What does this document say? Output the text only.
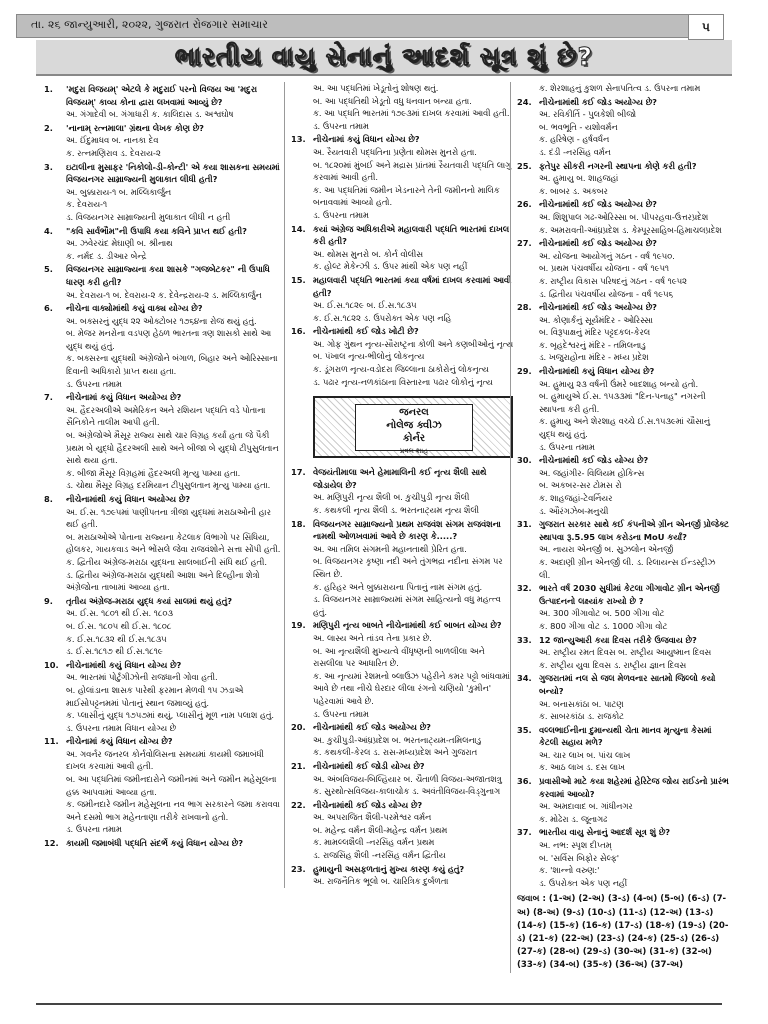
તા. ૨૬ જાન્યુઆરી, ૨૦૨૨, ગુજરાત રોજગાર સમાચાર	૫
ભારતીય વાયુ સેનાનું આદર્શ સૂત્ર શું છે?
1.	'મદુરા વિજયમ્' એટલે કે મદુરાઈ પરનો વિજય આ 'મદુરા વિજયમ્' કાવ્ય કોના દ્વારા લખવામાં આવ્યું છે?
અ. ગંગાદેવી બ. ગંગાધારી ક. કાલિદાસ ડ. અશ્વઘોષ
2.	'નાનામ્ રત્નમાલા' ગ્રંથના લેખક કોણ છે?
અ. ઈંદુમાધવ બ. નાનકા દેવ
ક. રત્નમણિરાવ ડ. દેવરાય-૨
3.	ઇટાલીના મુસાફર 'નિકોલો-ડી-કોન્ટી' એ કયા શાસકના સમયમાં વિજયનગર સામ્રાજ્યની મુલાકાત લીધી હતી?
અ. બુક્કારાય-૧ બ. મલ્લિકાર્જુન
ક. દેવરાય-૧
ડ. વિજયનગર સામ્રાજ્યની મુલાકાત લીધી ન હતી
4.	"કવિ સાર્વભૌમ"ની ઉપાધિ કયા કવિને પ્રાપ્ત થઈ હતી?
અ. ઝવેરચંદ મેઘાણી બ. શ્રીનાથ
ક. નર્મદ ડ. ડીઆર બેન્દ્રે
5.	વિજયનગર સામ્રાજ્યના કયા શાસકે "ગજબેટકર" ની ઉપાધિ ધારણ કરી હતી?
અ. દેવરાય-૧ બ. દેવરાય-૨ ક. દેવેન્દ્રરાય-૨ ડ. મલ્લિકાર્જુન
6.	નીચેના વાક્યોમાંથી કયું વાક્ય યોગ્ય છે?
અ. બક્સરનું યુદ્ધ ૨૨ ઓક્ટોબર ૧૭૬૪ના રોજ થયું હતું.
બ. મેજર મનરોના વડપણ હેઠળ ભારતના ત્રણ શાસકો સાથે આ યુદ્ધ થયું હતું.
ક. બક્સરના યુદ્ધથી અંગ્રેજોને બંગાળ, બિહાર અને ઓરિસ્સાના દિવાની અધિકારો પ્રાપ્ત થયા હતા.
ડ. ઉપરના તમામ
7.	નીચેનામાં કયું વિધાન અયોગ્ય છે?
અ. હૈદરઅલીએ અમેરિકન અને રશિયન પદ્ધતિ વડે પોતાના સૈનિકોને તાલીમ આપી હતી.
બ. અંગ્રેજોએ મૈસૂર રાજ્ય સાથે ચાર વિગ્રહ કર્યા હતા જે પૈકી પ્રથમ બે યુદ્ધો હૈદરઅલી સાથે અને બીજા બે યુદ્ધો ટીપુસુલતાન સાથે થયા હતા.
ક. બીજા મૈસૂર વિગ્રહમાં હૈદરઅલી મૃત્યુ પામ્યા હતા.
ડ. ચોથા મૈસૂર વિગ્રહ દરમિયાન ટીપુસુલતાન મૃત્યુ પામ્યા હતા.
8.	નીચેનામાંથી કયું વિધાન અયોગ્ય છે?
અ. ઈ.સ. ૧૭૯૫માં પાણીપતના ત્રીજા યુદ્ધમાં મરાઠાઓની હાર થઈ હતી.
બ. મરાઠાઓએ પોતાના રાજ્યના કેટલાક વિભાગો પર સિંધિયા, હોલકર, ગાયકવાડ અને ભોંસલે જેવા રાજવંશોને સત્તા સોંપી હતી.
ક. દ્વિતીય અંગ્રેજ-મરાઠા યુદ્ધના સાલબાઈની સંધિ થઈ હતી.
ડ. દ્વિતીય અંગ્રેજ-મરાઠા યુદ્ધથી આશા અને દિલ્હીના શેત્રો અંગ્રેજોના તાબામાં આવ્યા હતા.
9.	તૃતીય અંગ્રેજ-મરાઠા યુદ્ધ કયાં સાલમાં થયું હતું?
અ. ઈ.સ. ૧૮૦૧ થી ઈ.સ. ૧૮૦૩
બ. ઈ.સ. ૧૮૦૫ થી ઈ.સ. ૧૮૦૮
ક. ઈ.સ.૧૮૩૨ થી ઈ.સ.૧૮૩૫
ડ. ઈ.સ.૧૮૧૭ થી ઈ.સ.૧૮૧૯
10. નીચેનામાંથી કયું વિધાન યોગ્ય છે?
અ. ભારતમાં પોર્ટુગીઝોની રાજધાની ગોવા હતી.
બ. હોલાંડાના શાસક પારેથી ફરમાન મેળવી ૧૫ ઝડાએ માઈસોપટ્ટનમમાં પોતાનું સ્થાન જમાવ્યું હતું.
ક. પ્લાસીનું યુદ્ધ ૧૭૫૭માં થયું, પ્લાસીનું મૂળ નામ પલાશ હતું.
ડ. ઉપરના તમામ વિધાન યોગ્ય છે
11. નીચેનામાં કયું વિધાન યોગ્ય છે?
અ. ગવર્નર જનરલ કોર્નવોલિસના સમયમાં કાયમી જમાબંધી દાખલ કરવામાં આવી હતી.
બ. આ પદ્ધતિમાં જમીનદારોને જમીનમાં અને જમીન મહેસૂલના હક્ક આપવામાં આવ્યા હતા.
ક. જમીનદારે જમીન મહેસૂલના નવ ભાગ સરકારને જમા કરાવવા અને દસમો ભાગ મહેનતાણા તરીકે રાખવાનો હતો.
ડ. ઉપરના તમામ
12. કાયમી જમાબંધી પદ્ધતિ સંદર્ભે કયું વિધાન યોગ્ય છે?
અ. આ પદ્ધતિમાં ખેડૂતોનું શોષણ થતું.
બ. આ પદ્ધતિથી ખેડૂતો વધુ ધનવાન બન્યા હતા.
ક. આ પદ્ધતિ ભારતમાં ૧૭૯૩માં દાખલ કરવામાં આવી હતી.
ડ. ઉપરના તમામ
13. નીચેનામાં કયું વિધાન યોગ્ય છે?
અ. રૈયતવારી પદ્ધતિના પ્રણેતા થોમસ મુનરો હતા.
બ. ૧૮૨૦માં મુંબઈ અને મદ્રાસ પ્રાંતમાં રૈયતવારી પદ્ધતિ લાગુ કરવામાં આવી હતી.
ક. આ પદ્ધતિમાં જમીન ખેડનારને તેની જમીનનો માલિક બનાવવામાં આવ્યો હતો.
ડ. ઉપરના તમામ
14. કયાં અંગ્રેજ અધિકારીએ મહાલવારી પદ્ધતિ ભારતમાં દાખલ કરી હતી?
અ. થોમસ મુનરો બ. કોર્ન વોલીસ
ક. હોલ્ટ મેકેન્ઝી ડ. ઉપર માંથી એક પણ નહીં
15. મહાલવારી પદ્ધતિ ભારતમાં કયા વર્ષમાં દાખલ કરવામાં આવી હતી?
અ. ઈ.સ.૧૮૨૯ બ. ઈ.સ.૧૮૩૫
ક. ઈ.સ.૧૮૨૨ ડ. ઉપરોક્ત એક પણ નહિ
16. નીચેનામાંથી કઈ જોડ ખોટી છે?
અ. ગોફ ગુંથન નૃત્ય-સૌરાષ્ટ્રના કોળી અને કણબીઓનું નૃત્ય
બ. પંખાલ નૃત્ય-ભીલોનું લોકનૃત્ય
ક. ડૂંગરાળ નૃત્ય-વડોદરા જિલ્લાના ઠાકોરોનું લોકનૃત્ય
ડ. પઢાર નૃત્ય-નળકાંઠાના વિસ્તારના પઢાર લોકોનું નૃત્ય
જનરલ
નોલેજ ક્વીઝ
કોર્નર
પ્રવલ શાહ
17. વેજયંતીમાલા અને હેમામાલિની કઈ નૃત્ય શૈલી સાથે જોડાયેલ છે?
અ. મણિપુરી નૃત્ય શૈલી બ. કુચીપુડી નૃત્ય શૈલી
ક. કથકલી નૃત્ય શૈલી ડ. ભરતનાટ્યમ નૃત્ય શૈલી
18. વિજયનગર સામ્રાજ્યનો પ્રથમ રાજવંશ સંગમ રાજવંશના નામથી ઓળખવામાં આવે છે કારણ કે.....?
અ. આ તમિલ સંગમની મહાનતાથી પ્રેરિત હતા.
બ. વિજયનગર કૃષ્ણા નદી અને તુંગભદ્રા નદીના સંગમ પર સ્થિત છે.
ક. હરિહર અને બુક્કારાયના પિતાનું નામ સંગમ હતું.
ડ. વિજયનગર સામ્રાજ્યમાં સંગમ સાહિત્યનો વધુ મહત્ત્વ હતું.
19. મણિપુરી નૃત્ય બાબતે નીચેનામાંથી કઈ બાબત યોગ્ય છે?
અ. લાસ્ય અને તાંડવ તેના પ્રકાર છે.
બ. આ નૃત્યશૈલી મુખ્યત્વે વીંધૃષ્ણની બાળલીલા અને રાસલીલા પર આધારિત છે.
ક. આ નૃત્યમાં રેશમનો બ્લાઉઝ પહેરીને કમર પટ્ટો બાંધવામાં આવે છે તથા નીચે ઘેરદાર લીલા રંગનો ચણિયો 'કુમીન' પહેરવામાં આવે છે.
ડ. ઉપરના તમામ
20. નીચેનામાંથી કઈ જોડ અયોગ્ય છે?
અ. કુચીપુડી-આંધ્રપ્રદેશ બ. ભરતનાટ્યમ-તમિલનાડુ
ક. કથકલી-કેરલ ડ. રાસ-મધ્યપ્રદેશ અને ગુજરાત
21. નીચેનામાંથી કઈ જોડી યોગ્ય છે?
અ. અંબવિજય-બિલ્હિયાર બ. ચૈતાળી વિજય-અજાતશત્રુ
ક. સુરથોત્સવિજય-કાલાચોક ડ. અવંતીવિજય-વિડ્ગુનાગ
22. નીચેનામાંથી કઈ જોડ યોગ્ય છે?
અ. અપરાજિત શૈલી-પરમેશ્વર વર્મન
બ. મહેન્દ્ર વર્મન શૈલી-મહેન્દ્ર વર્મન પ્રથમ
ક. મામલ્લશૈલી -નરસિંહ વર્મન પ્રથમ
ડ. રાજસિંહ શૈલી -નરસિંહ વર્મન દ્વિતીય
23. હુમાયુની અસફળતાનું મુખ્ય કારણ કયું હતું?
અ. રાજનૈતિક ભૂલો બ. ચારિત્રિક દુર્બળતા
ક. શેરશાહનું કુશળ સેનાપતિત્વ ડ. ઉપરના તમામ
24. નીચેનામાંથી કઈ જોડ અયોગ્ય છે?
અ. રવિકીર્તિ - પુલકેશી બીજો
બ. ભવભૂતિ - યશોવર્મન
ક. હરિષેણ - હર્ષવર્ધન
ડ. દંડી -નરસિંહ વર્મન
25. ફતેપુર સીકરી નગરની સ્થાપના કોણે કરી હતી?
અ. હુમાયુ બ. શાહજહાં
ક. બાબર ડ. અકબર
26. નીચેનામાંથી કઈ જોડ અયોગ્ય છે?
અ. શિશુપાલ ગઢ-ઓરિસ્સા બ. પીપરહવા-ઉત્તરપ્રદેશ
ક. અમરાવતી-આંધ્રપ્રદેશ ડ. કેમ્પૂરસાહિબ-હિમાચલપ્રદેશ
27. નીચેનામાંથી કઈ જોડ અયોગ્ય છે?
અ. યોજના આયોગનું ગઠન - વર્ષ ૧૯૫૦.
બ. પ્રથમ પંચવર્ષીય યોજના - વર્ષ ૧૯૫૧
ક. રાષ્ટ્રીય વિકાસ પરિષદનું ગઠન - વર્ષ ૧૯૫૨
ડ. દ્વિતીય પંચવર્ષીય યોજના - વર્ષ ૧૯૫૬
28. નીચેનામાંથી કઈ જોડ અયોગ્ય છે?
અ. કોણાર્કનું સૂર્યમંદિર - ઓરિસ્સા
બ. વિરૂપાક્ષનું મંદિર પટ્ટદકલ-કેરલ
ક. બૃહદેશ્વરનું મંદિર - તમિલનાડુ
ડ. ખજુરાહોના મંદિર - મધ્ય પ્રદેશ
29. નીચેનામાંથી કયું વિધાન યોગ્ય છે?
અ. હુમાયુ ૨૩ વર્ષની ઉંમરે બાદશાહ બન્યો હતો.
બ. હુમાયુએ ઈ.સ. ૧૫૩૩માં "દિન-પનાહ" નગરની સ્થાપના કરી હતી.
ક. હુમાયુ અને શેરશાહ વચ્ચે ઈ.સ.૧૫૩૯માં ચૌસાનું યુદ્ધ થયું હતું.
ડ. ઉપરના તમામ
30. નીચેનામાંથી કઈ જોડ યોગ્ય છે?
અ. જહાંગીર- વિલિયમ હોકિન્સ
બ. અકબર-સર ટોમસ રો
ક. શાહજહાં-ટેવર્નિયર
ડ. ઔરંગઝેબ-મનુચી
31. ગુજરાત સરકાર સાથે કઈ કંપનીએ ગ્રીન એનર્જી પ્રોજેક્ટ સ્થાપવા રૂ.5.95 લાખ કરોડના MoU કર્યાં?
અ. નાયરા એનર્જી બ. સુઝલોન એનર્જી
ક. અદાણી ગ્રીન એનર્જી લી. ડ. રિલાયન્સ ઈન્ડસ્ટ્રીઝ લી.
32. ભારતે વર્ષ 2030 સુધીમાં કેટલા ગીગાવોટ ગ્રીન એનર્જી ઉત્પાદનનો લક્ષ્યાંક રાખ્યો છે ?
અ. 300 ગીગાવોટ બ. 500 ગીગા વોટ
ક. 800 ગીગા વોટ ડ. 1000 ગીગા વોટ
33. 12 જાન્યુઆરી કયા દિવસ તરીકે ઉજવાય છે?
અ. રાષ્ટ્રીય રમત દિવસ બ. રાષ્ટ્રીય આયુષ્માન દિવસ
ક. રાષ્ટ્રીય યુવા દિવસ ડ. રાષ્ટ્રીય જ્ઞાન દિવસ
34. ગુજરાતમાં નલ સે જલ મેળવનાર સાતમો જિલ્લો કયો બન્યો?
અ. બનાસકાંઠા બ. પાટણ
ક. સાબરકાંઠા ડ. રાજકોટ
35. વલ્લભાઈનીના દુમાન્યથી ચેતા માનવ મૃત્યુના કેસમાં કેટલી સહાય મળે?
અ. ચાર લાખ બ. પાંચ લાખ
ક. આઠ લાખ ડ. દસ લાખ
36. પ્રવાસીઓ માટે કયા શહેરમાં હેરિટેજ જોય રાઈડનો પ્રારંભ કરવામાં આવ્યો?
અ. અમદાવાદ બ. ગાંધીનગર
ક. મોઢેરા ડ. જૂનાગઢ
37. ભારતીય વાયુ સેનાનું આદર્શ સૂત્ર શું છે?
અ. નભ: સ્પૃશ દીપ્તમ્
બ. 'સર્વિસ બિફોર સેલ્ફ'
ક. 'શાન્નો વરુણ:'
ડ. ઉપરોક્ત એક પણ નહીં
જવાબ : (1-અ) (2-અ) (3-ડ) (4-બ) (5-બ) (6-ડ) (7-અ) (8-અ) (9-ડ) (10-ડ) (11-ડ) (12-અ) (13-ડ) (14-ક) (15-ક) (16-ક) (17-ડ) (18-ક) (19-ડ) (20-ડ) (21-ક) (22-અ) (23-ડ) (24-ક) (25-ડ) (26-ડ) (27-ક) (28-બ) (29-ડ) (30-અ) (31-ક) (32-બ) (33-ક) (34-બ) (35-ક) (36-અ) (37-અ)
